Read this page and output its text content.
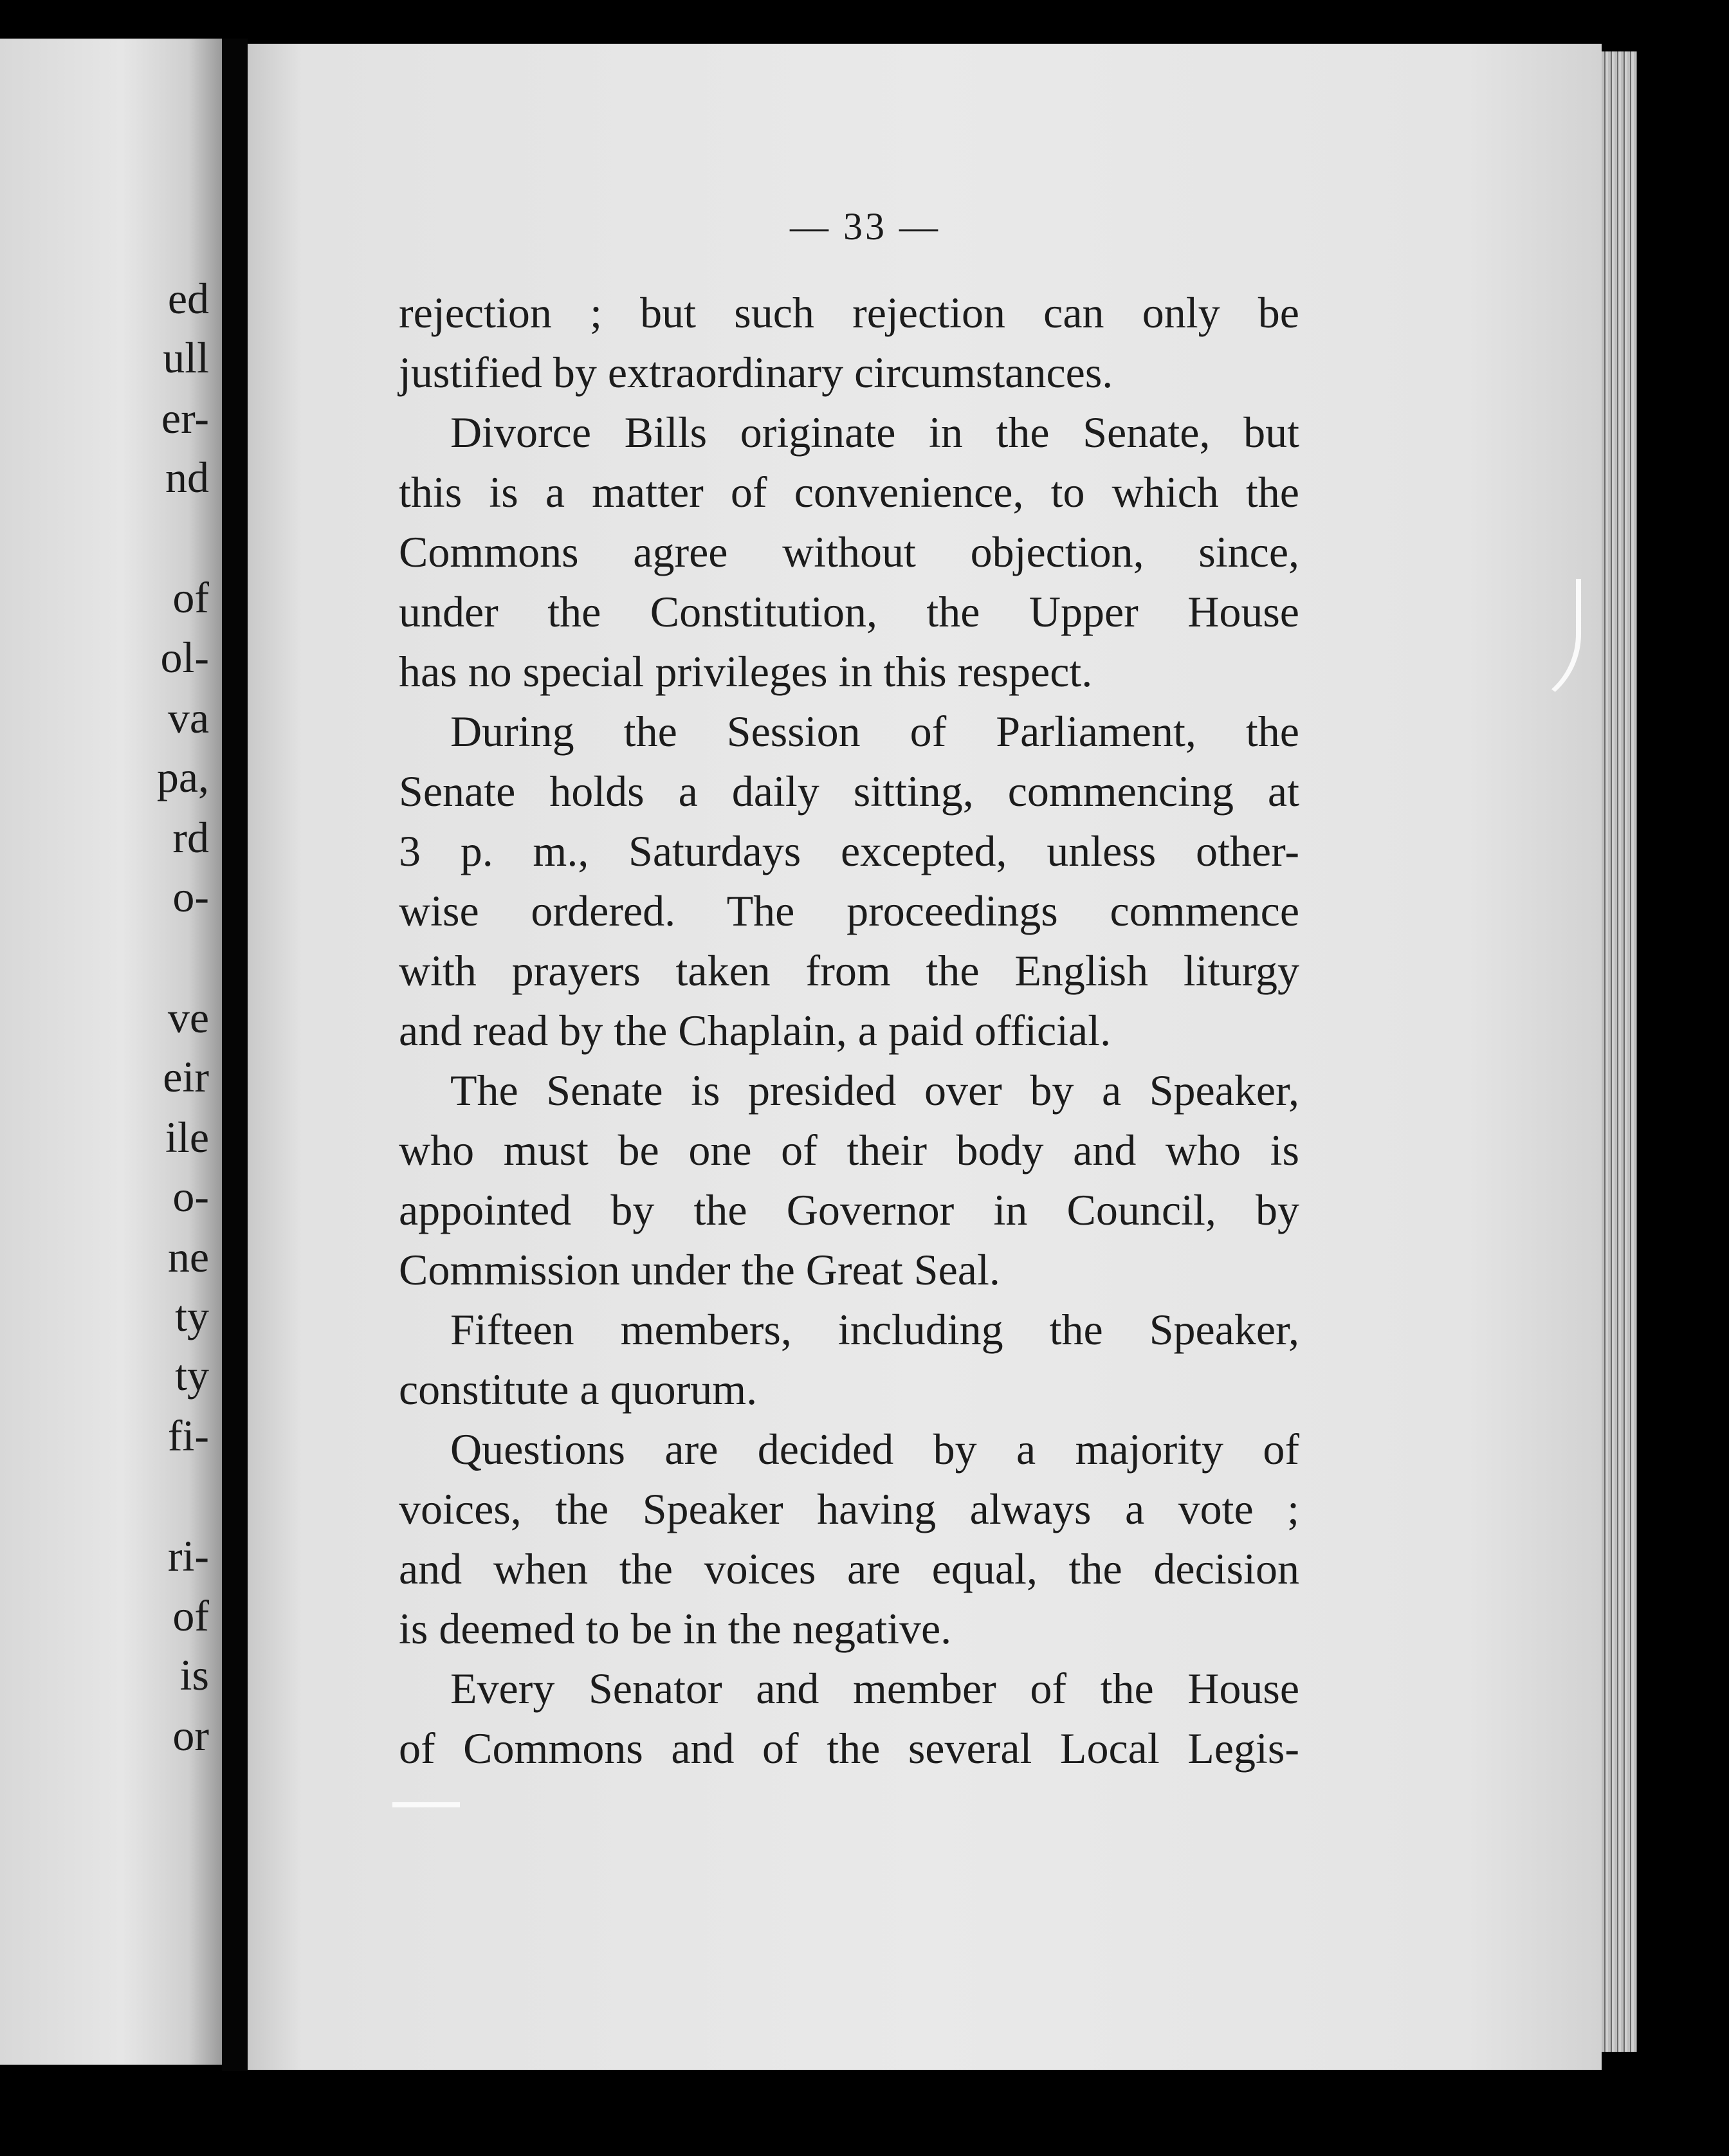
ed
ull
er-
nd
of
ol-
va
pa,
rd
o-
ve
eir
ile
o-
ne
ty
ty
fi-
ri-
of
is
or
— 33 —
rejection ; but such rejection can only be
justified by extraordinary circumstances.
Divorce Bills originate in the Senate, but
this is a matter of convenience, to which the
Commons agree without objection, since,
under the Constitution, the Upper House
has no special privileges in this respect.
During the Session of Parliament, the
Senate holds a daily sitting, commencing at
3 p. m., Saturdays excepted, unless other-
wise ordered. The proceedings commence
with prayers taken from the English liturgy
and read by the Chaplain, a paid official.
The Senate is presided over by a Speaker,
who must be one of their body and who is
appointed by the Governor in Council, by
Commission under the Great Seal.
Fifteen members, including the Speaker,
constitute a quorum.
Questions are decided by a majority of
voices, the Speaker having always a vote ;
and when the voices are equal, the decision
is deemed to be in the negative.
Every Senator and member of the House
of Commons and of the several Local Legis-
